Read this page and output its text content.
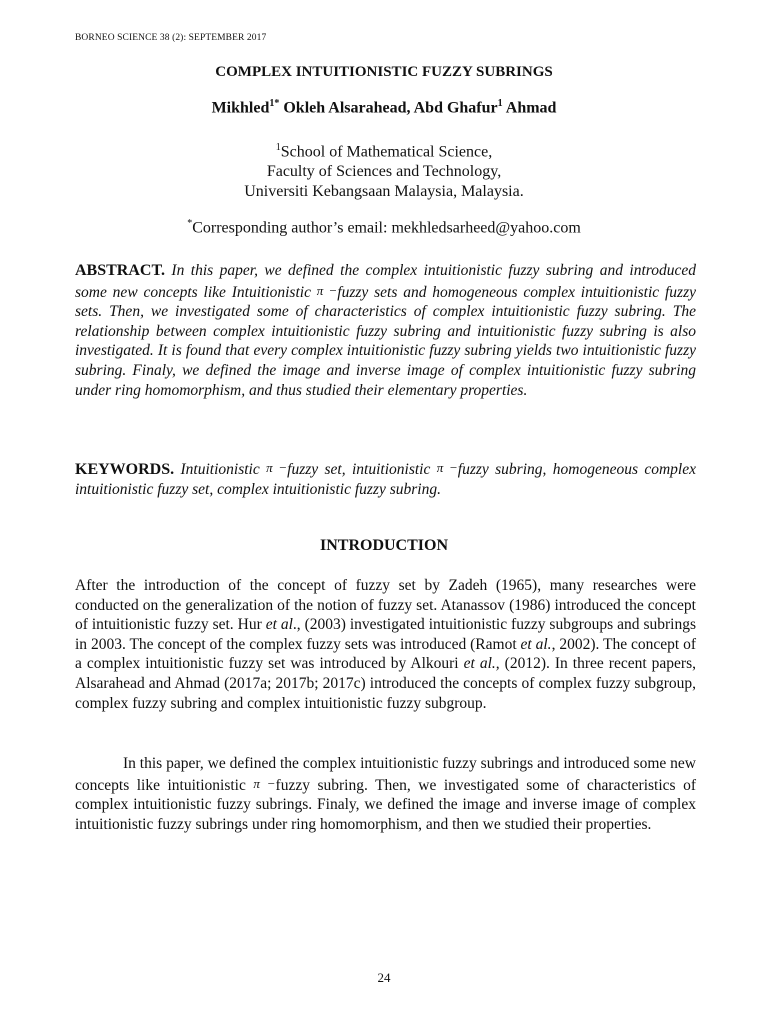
BORNEO SCIENCE 38 (2): SEPTEMBER 2017
COMPLEX INTUITIONISTIC FUZZY SUBRINGS
Mikhled$^{1*}$ Okleh Alsarahead, Abd Ghafur$^1$ Ahmad
$^1$School of Mathematical Science,
Faculty of Sciences and Technology,
Universiti Kebangsaan Malaysia, Malaysia.
*Corresponding author’s email: mekhledsarheed@yahoo.com

ABSTRACT. In this paper, we defined the complex intuitionistic fuzzy subring and introduced some new concepts like Intuitionistic π −fuzzy sets and homogeneous complex intuitionistic fuzzy sets. Then, we investigated some of characteristics of complex intuitionistic fuzzy subring. The relationship between complex intuitionistic fuzzy subring and intuitionistic fuzzy subring is also investigated. It is found that every complex intuitionistic fuzzy subring yields two intuitionistic fuzzy subring. Finaly, we defined the image and inverse image of complex intuitionistic fuzzy subring under ring homomorphism, and thus studied their elementary properties.

KEYWORDS. Intuitionistic π −fuzzy set, intuitionistic π −fuzzy subring, homogeneous complex intuitionistic fuzzy set, complex intuitionistic fuzzy subring.

INTRODUCTION

After the introduction of the concept of fuzzy set by Zadeh (1965), many researches were conducted on the generalization of the notion of fuzzy set. Atanassov (1986) introduced the concept of intuitionistic fuzzy set. Hur et al., (2003) investigated intuitionistic fuzzy subgroups and subrings in 2003. The concept of the complex fuzzy sets was introduced (Ramot et al., 2002). The concept of a complex intuitionistic fuzzy set was introduced by Alkouri et al., (2012). In three recent papers, Alsarahead and Ahmad (2017a; 2017b; 2017c) introduced the concepts of complex fuzzy subgroup, complex fuzzy subring and complex intuitionistic fuzzy subgroup.

In this paper, we defined the complex intuitionistic fuzzy subrings and introduced some new concepts like intuitionistic π −fuzzy subring. Then, we investigated some of characteristics of complex intuitionistic fuzzy subrings. Finaly, we defined the image and inverse image of complex intuitionistic fuzzy subrings under ring homomorphism, and then we studied their properties.

24
